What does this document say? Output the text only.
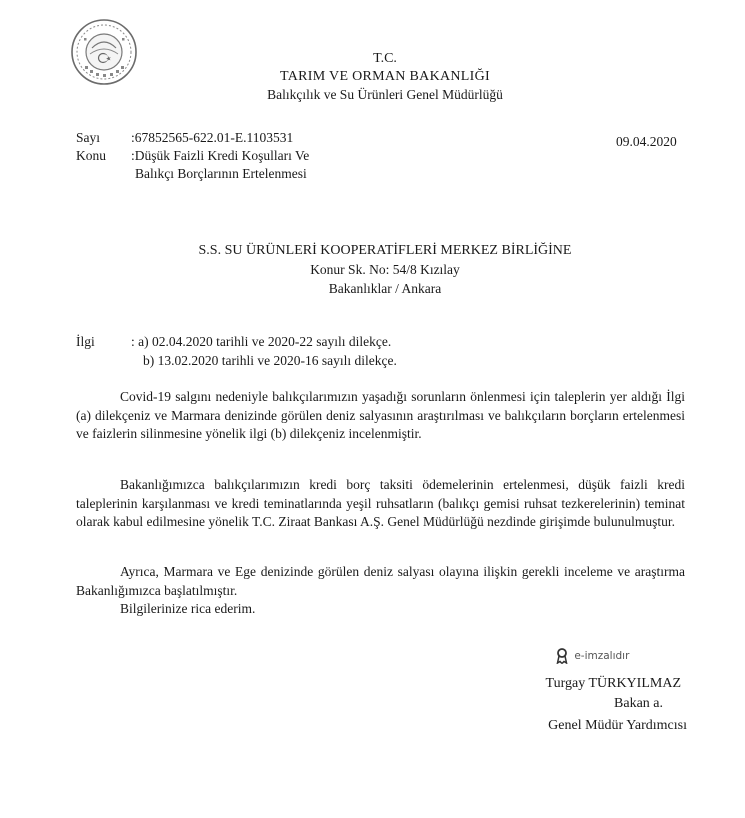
T.C.
TARIM VE ORMAN BAKANLIĞI
Balıkçılık ve Su Ürünleri Genel Müdürlüğü
Sayı :67852565-622.01-E.1103531	09.04.2020
Konu :Düşük Faizli Kredi Koşulları Ve
Balıkçı Borçlarının Ertelenmesi
S.S. SU ÜRÜNLERİ KOOPERATİFLERİ MERKEZ BİRLİĞİNE
Konur Sk. No: 54/8 Kızılay
Bakanlıklar / Ankara
İlgi	: a) 02.04.2020 tarihli ve 2020-22 sayılı dilekçe.
b) 13.02.2020 tarihli ve 2020-16 sayılı dilekçe.
Covid-19 salgını nedeniyle balıkçılarımızın yaşadığı sorunların önlenmesi için taleplerin yer aldığı İlgi (a) dilekçeniz ve Marmara denizinde görülen deniz salyasının araştırılması ve balıkçıların borçların ertelenmesi ve faizlerin silinmesine yönelik ilgi (b) dilekçeniz incelenmiştir.
Bakanlığımızca balıkçılarımızın kredi borç taksiti ödemelerinin ertelenmesi, düşük faizli kredi taleplerinin karşılanması ve kredi teminatlarında yeşil ruhsatların (balıkçı gemisi ruhsat tezkerelerinin) teminat olarak kabul edilmesine yönelik T.C. Ziraat Bankası A.Ş. Genel Müdürlüğü nezdinde girişimde bulunulmuştur.
Ayrıca, Marmara ve Ege denizinde görülen deniz salyası olayına ilişkin gerekli inceleme ve araştırma Bakanlığımızca başlatılmıştır.
Bilgilerinize rica ederim.
e-imzalıdır
Turgay TÜRKYILMAZ
Bakan a.
Genel Müdür Yardımcısı
